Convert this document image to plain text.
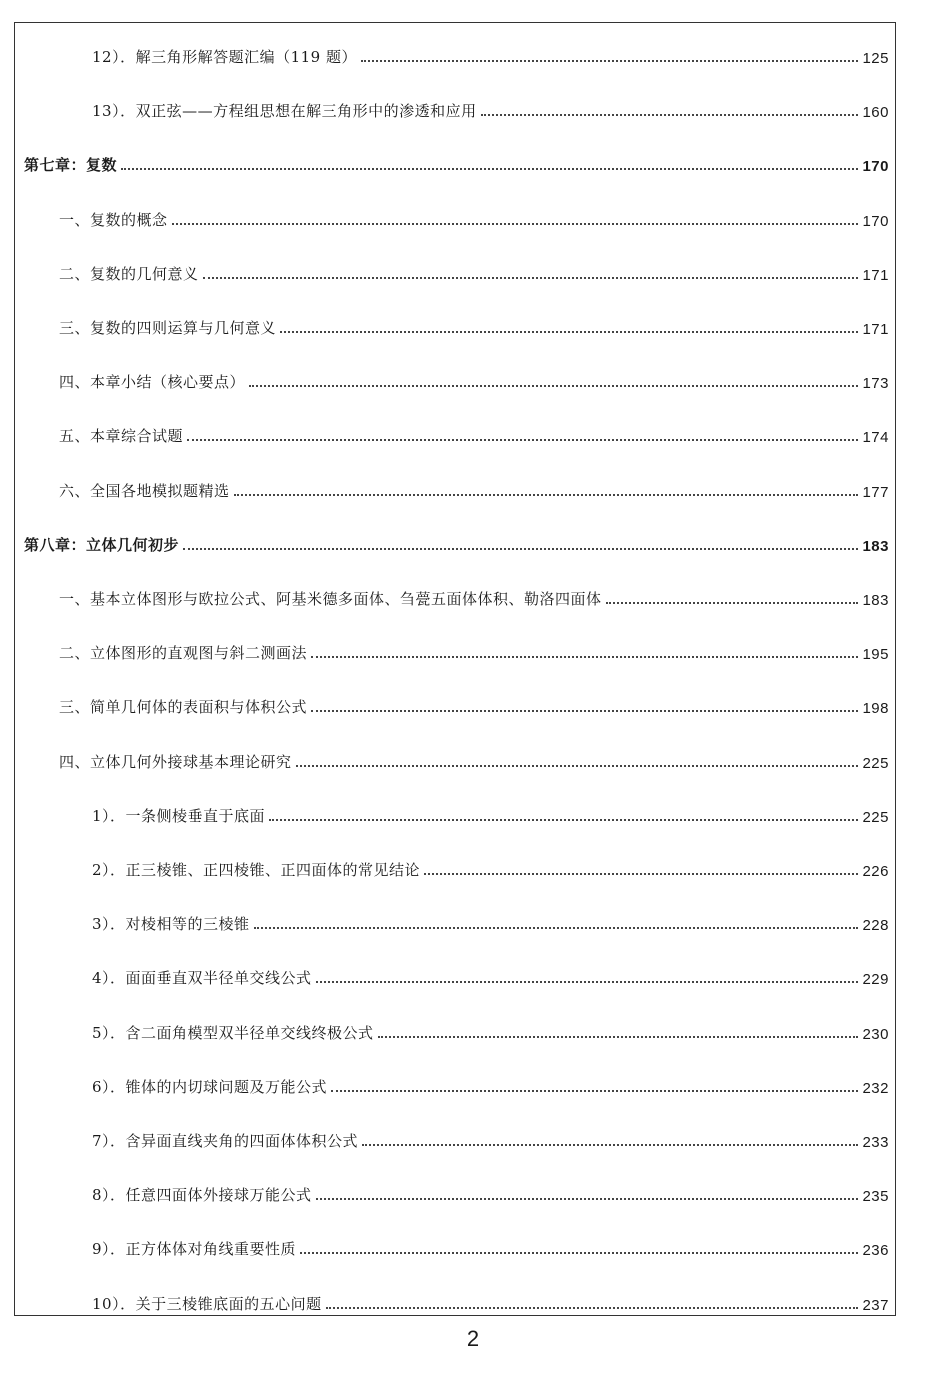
12）．解三角形解答题汇编（119 题）	125
13）．双正弦——方程组思想在解三角形中的渗透和应用	160
第七章：复数	170
一、复数的概念	170
二、复数的几何意义	171
三、复数的四则运算与几何意义	171
四、本章小结（核心要点）	173
五、本章综合试题	174
六、全国各地模拟题精选	177
第八章：立体几何初步	183
一、基本立体图形与欧拉公式、阿基米德多面体、刍甍五面体体积、勒洛四面体	183
二、立体图形的直观图与斜二测画法	195
三、简单几何体的表面积与体积公式	198
四、立体几何外接球基本理论研究	225
1）．一条侧棱垂直于底面	225
2）．正三棱锥、正四棱锥、正四面体的常见结论	226
3）．对棱相等的三棱锥	228
4）．面面垂直双半径单交线公式	229
5）．含二面角模型双半径单交线终极公式	230
6）．锥体的内切球问题及万能公式	232
7）．含异面直线夹角的四面体体积公式	233
8）．任意四面体外接球万能公式	235
9）．正方体体对角线重要性质	236
10）．关于三棱锥底面的五心问题	237
2
